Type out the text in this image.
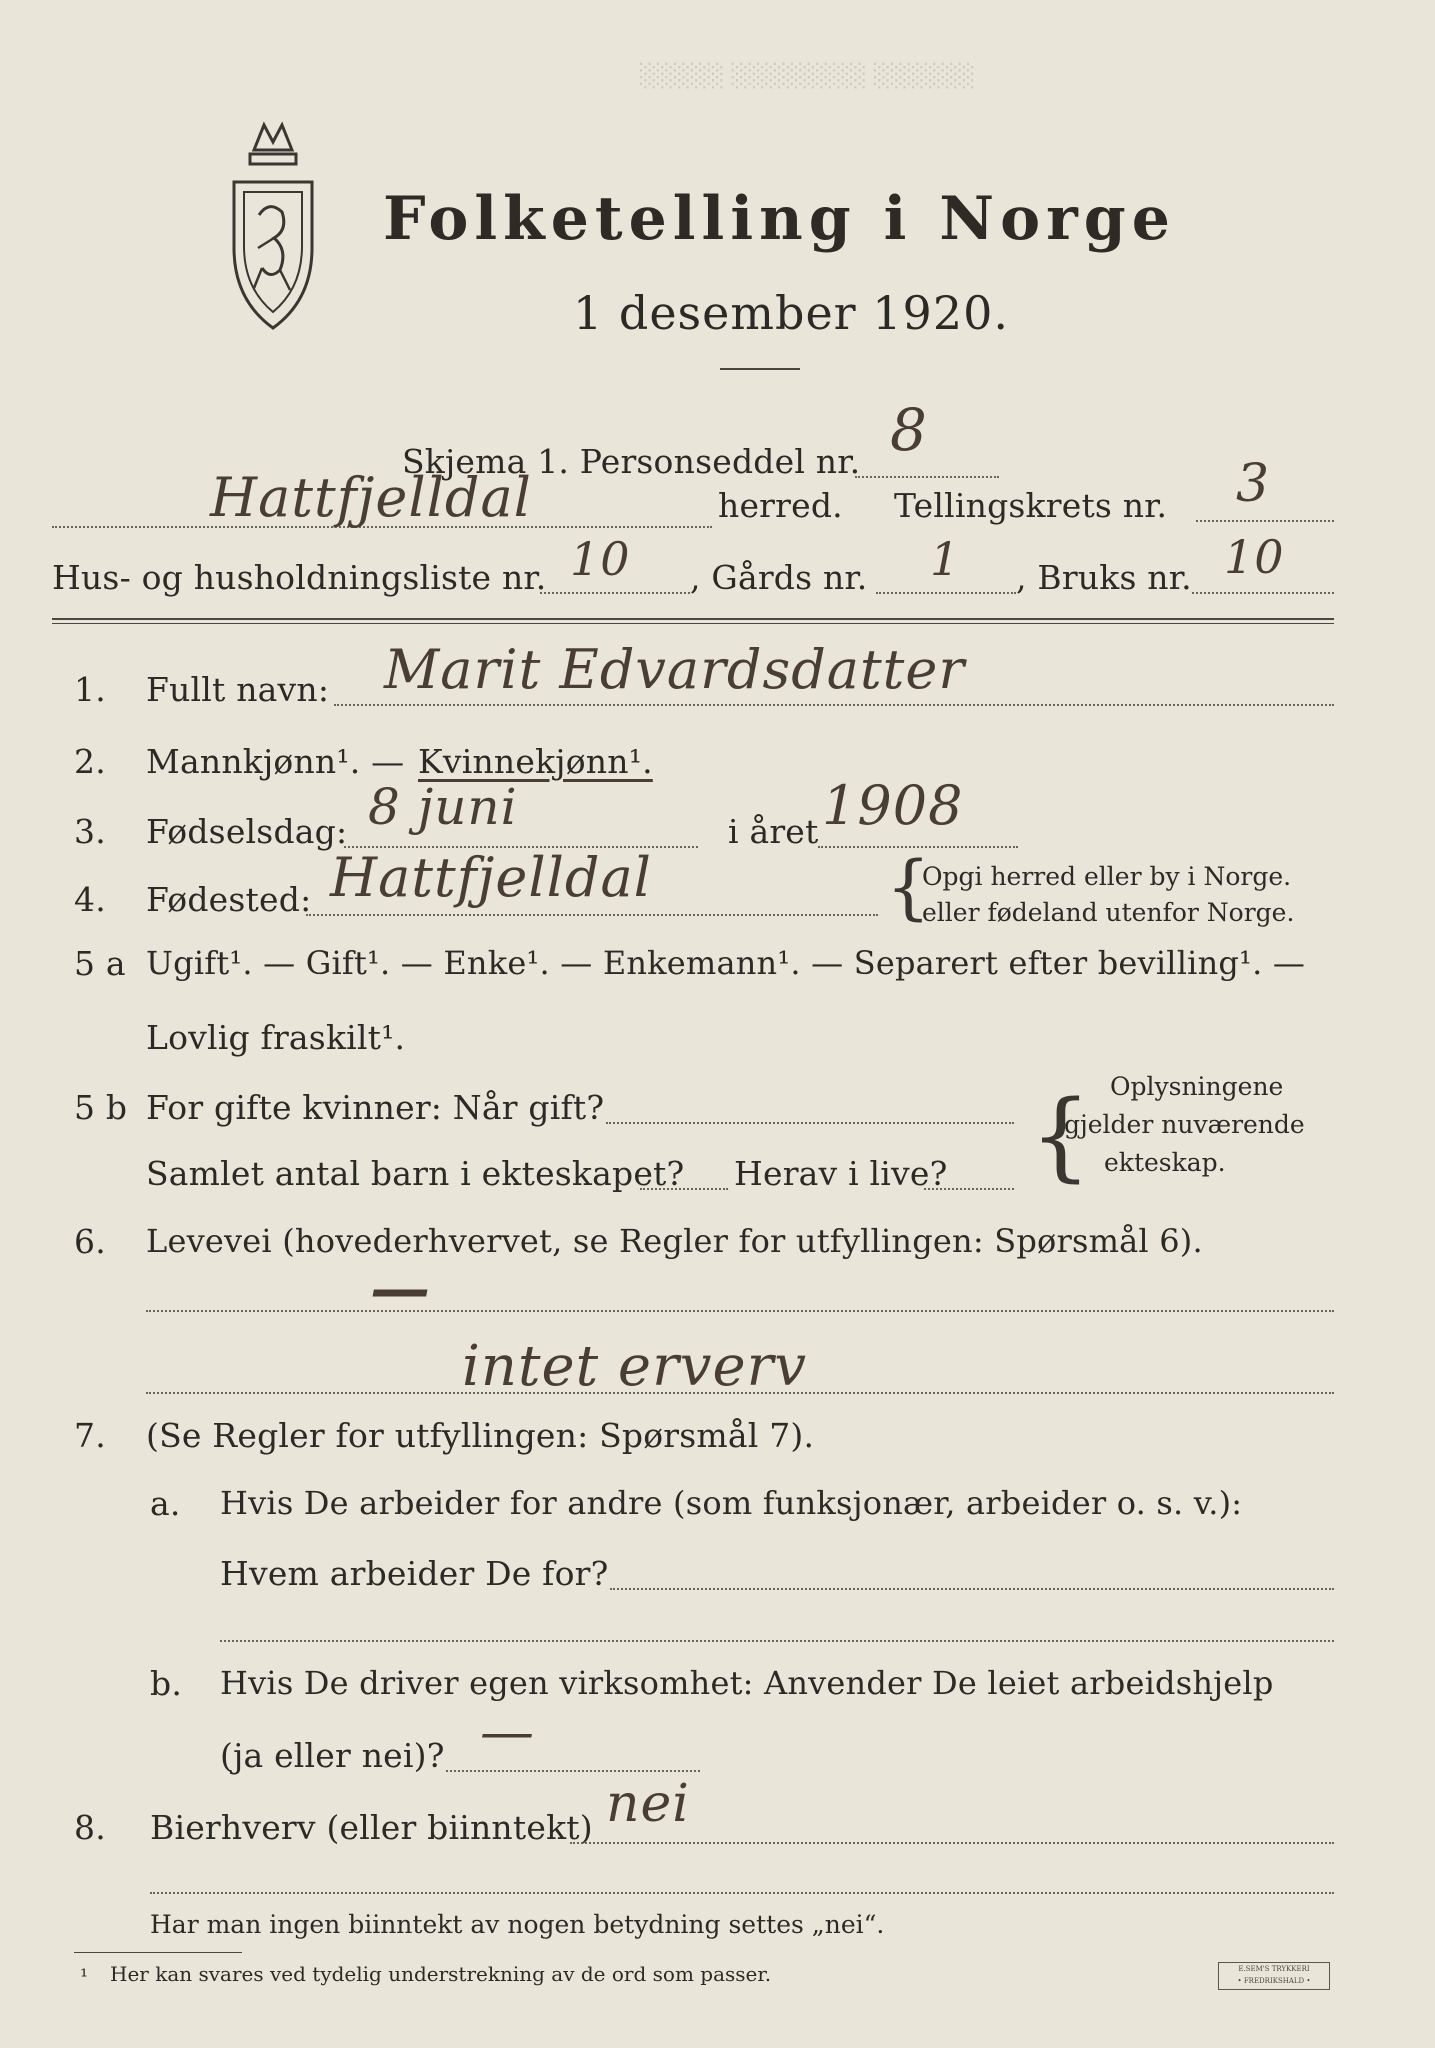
░░░░░ ░░░░░░░░ ░░░░░░
Folketelling i Norge
1 desember 1920.
Skjema 1. Personseddel nr. 8
Hattfjelldal	herred. Tellingskrets nr. 3
Hus- og husholdningsliste nr. 10 , Gårds nr. 1 , Bruks nr. 10
1. Fullt navn: Marit Edvardsdatter
2. Mannkjønn¹. — Kvinnekjønn¹.
3. Fødselsdag: 8 juni	i året 1908
4. Fødested: Hattfjelldal	{
Opgi herred eller by i Norge.
eller fødeland utenfor Norge.
5 a Ugift¹. — Gift¹. — Enke¹. — Enkemann¹. — Separert efter bevilling¹. —
Lovlig fraskilt¹.
5 b For gifte kvinner: Når gift?
Samlet antal barn i ekteskapet? Herav i live? { Oplysningene
gjelder nuværende
ekteskap.
6. Levevei (hovederhvervet, se Regler for utfyllingen: Spørsmål 6).
—
intet erverv
7. (Se Regler for utfyllingen: Spørsmål 7).
a. Hvis De arbeider for andre (som funksjonær, arbeider o. s. v.):
Hvem arbeider De for?
b. Hvis De driver egen virksomhet: Anvender De leiet arbeidshjelp
(ja eller nei)? —
8. Bierhverv (eller biinntekt) nei
Har man ingen biinntekt av nogen betydning settes „nei“.
¹ Her kan svares ved tydelig understrekning av de ord som passer.	E.SEM'S TRYKKERI
• FREDRIKSHALD •
